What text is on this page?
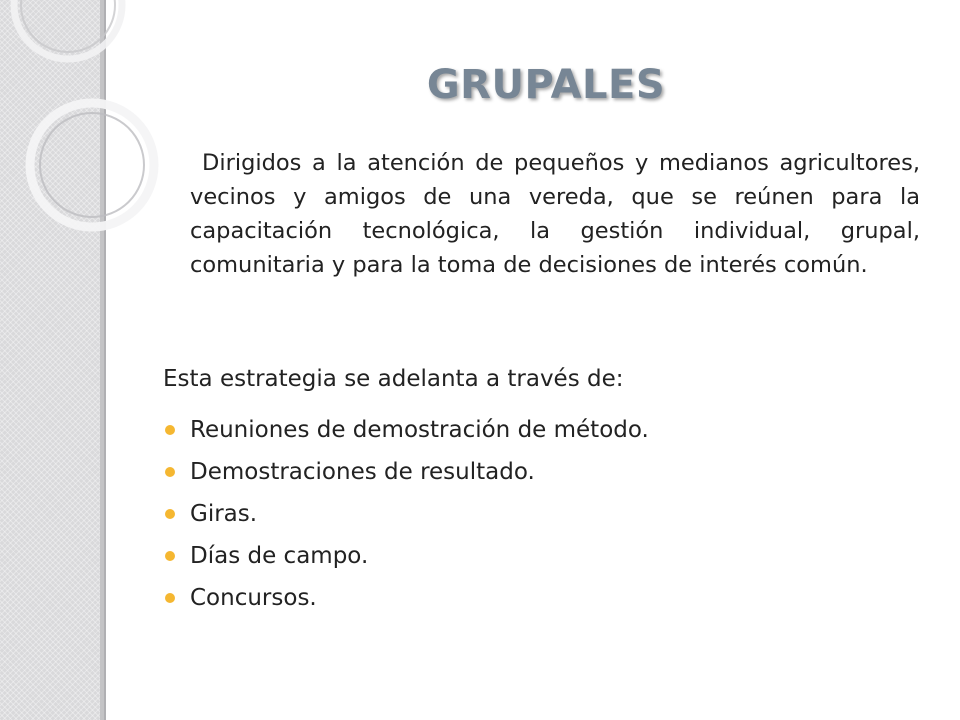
GRUPALES

Dirigidos a la atención de pequeños y medianos agricultores, vecinos y amigos de una vereda, que se reúnen para la capacitación tecnológica, la gestión individual, grupal, comunitaria y para la toma de decisiones de interés común.

Esta estrategia se adelanta a través de:

Reuniones de demostración de método.
Demostraciones de resultado.
Giras.
Días de campo.
Concursos.
